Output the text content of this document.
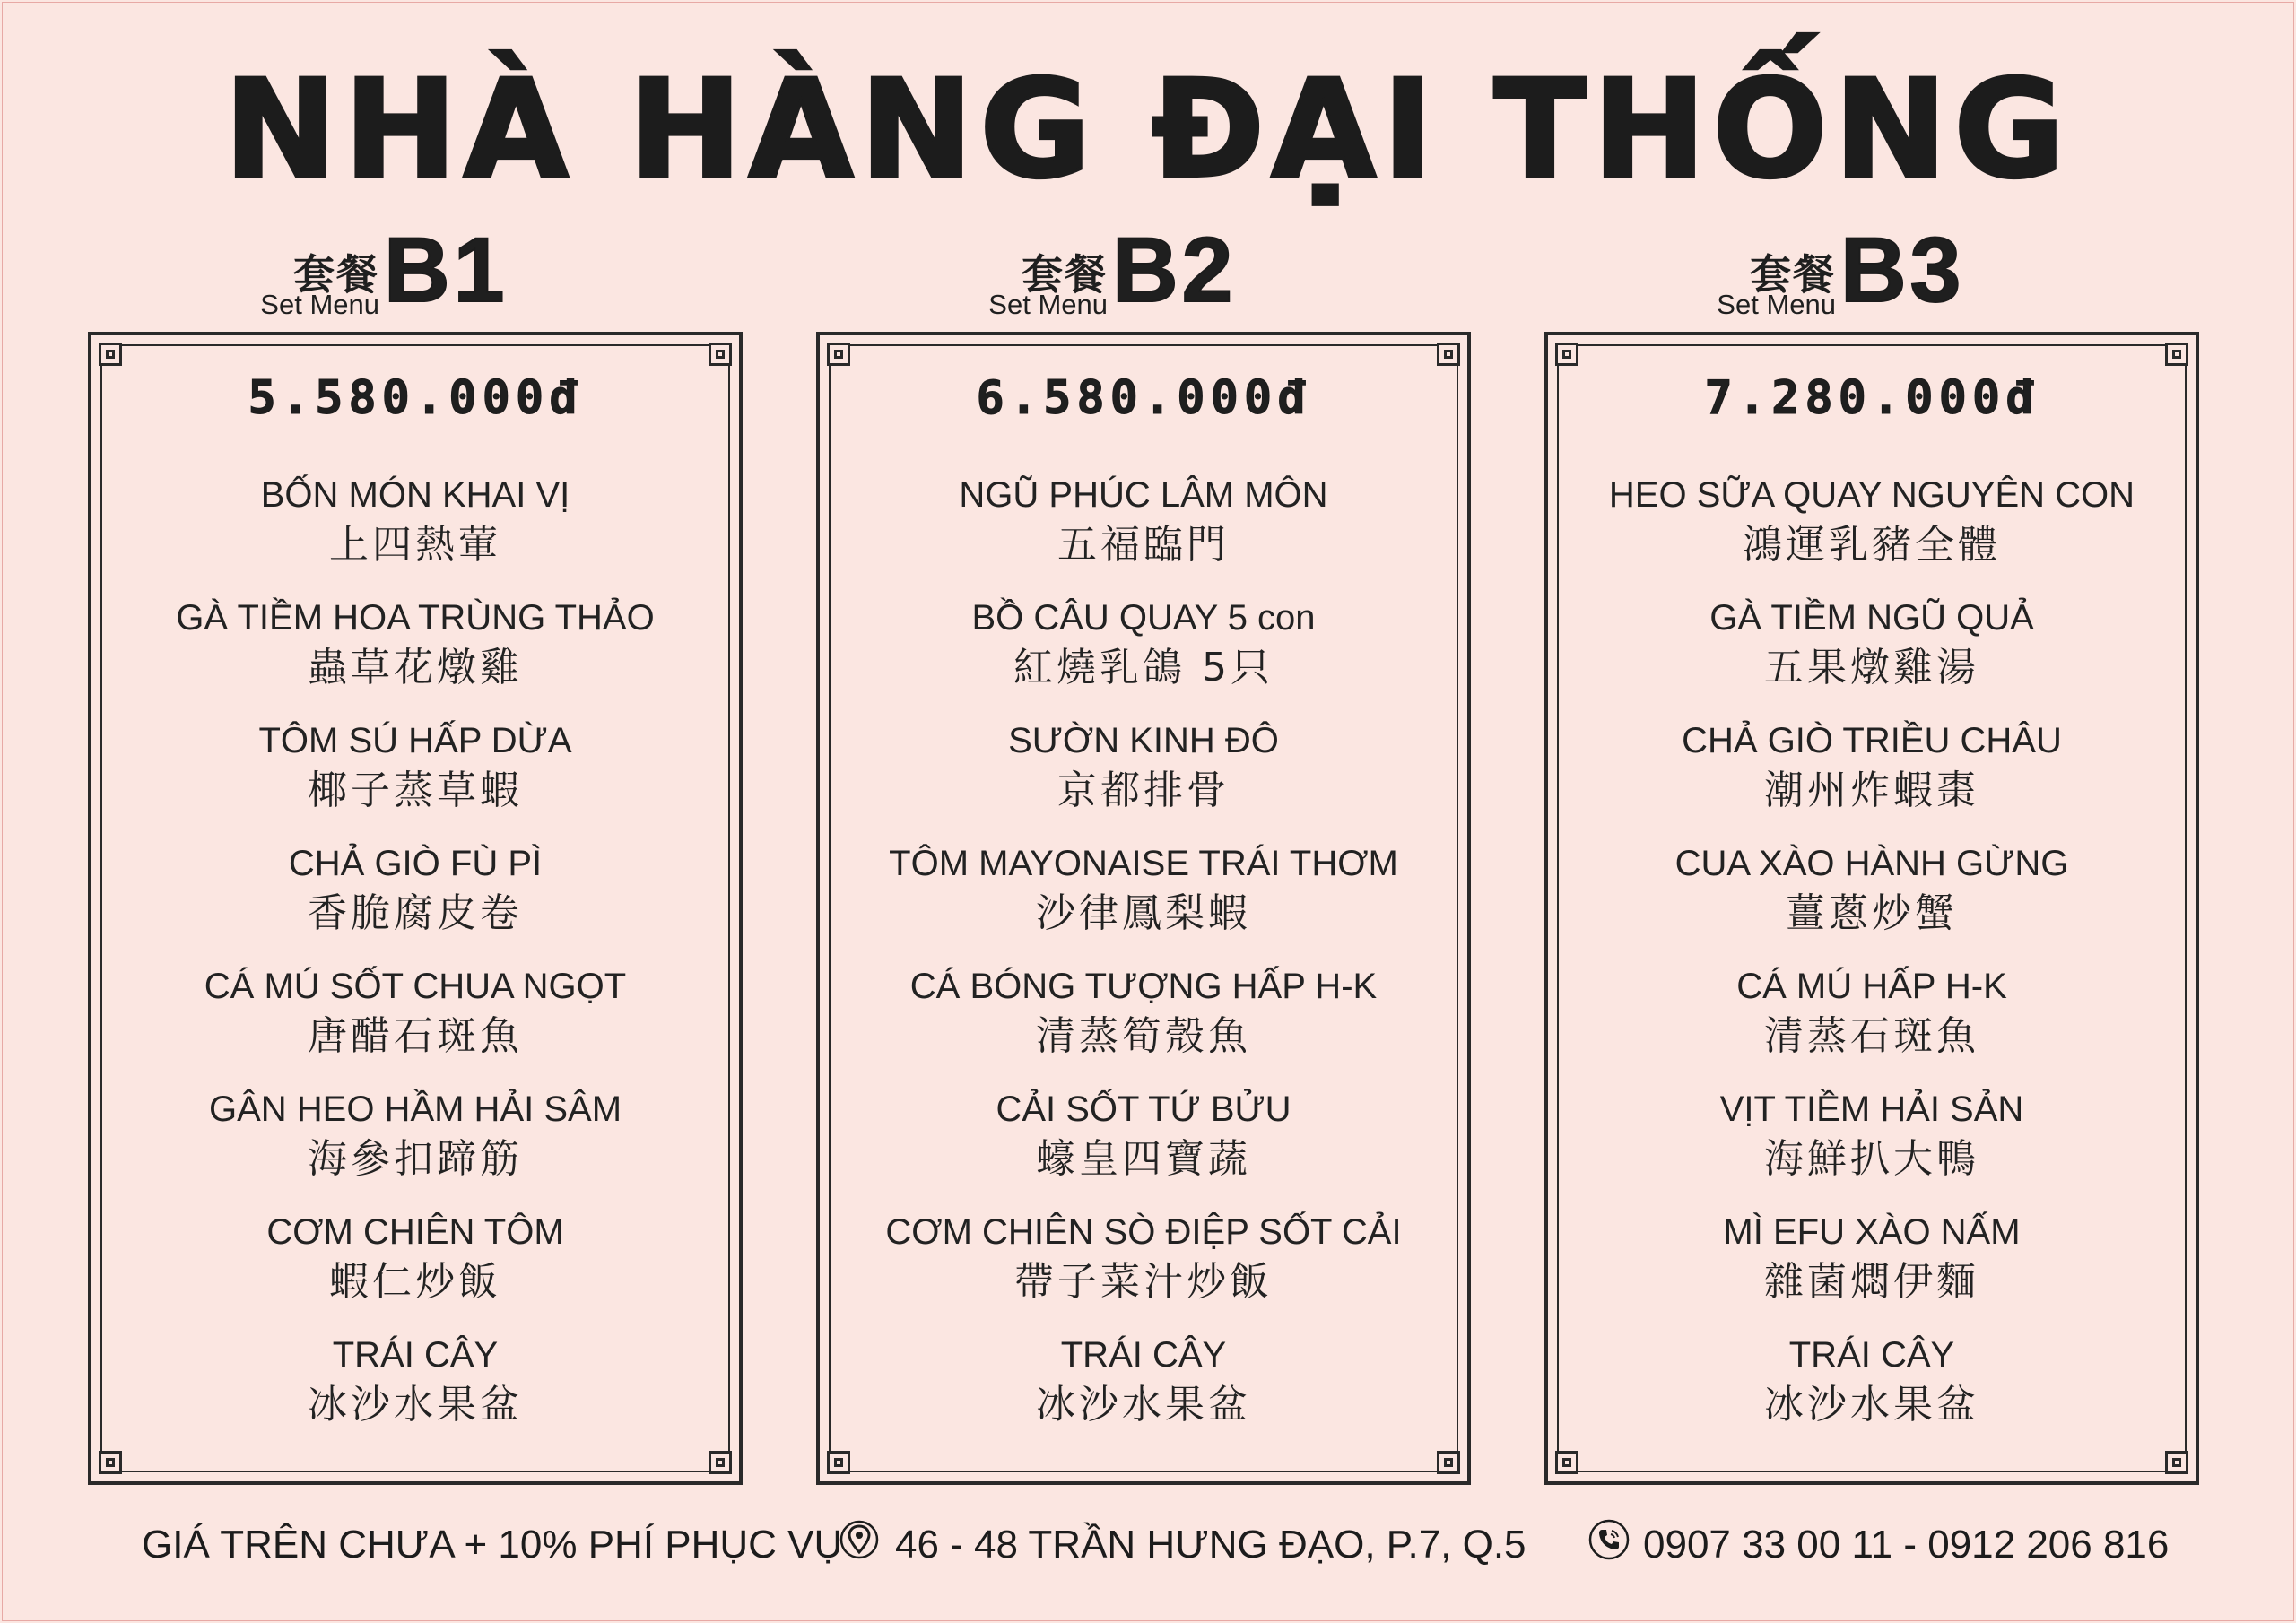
NHÀ HÀNG ĐẠI THỐNG
套餐
Set Menu B1
5.580.000đ
BỐN MÓN KHAI VỊ
上四熱葷
GÀ TIỀM HOA TRÙNG THẢO
蟲草花燉雞
TÔM SÚ HẤP DỪA
椰子蒸草蝦
CHẢ GIÒ FÙ PÌ
香脆腐皮卷
CÁ MÚ SỐT CHUA NGỌT
唐醋石斑魚
GÂN HEO HẦM HẢI SÂM
海參扣蹄筋
CƠM CHIÊN TÔM
蝦仁炒飯
TRÁI CÂY
冰沙水果盆
套餐
Set Menu B2
6.580.000đ
NGŨ PHÚC LÂM MÔN
五福臨門
BỒ CÂU QUAY 5 con
紅燒乳鴿 5只
SƯỜN KINH ĐÔ
京都排骨
TÔM MAYONAISE TRÁI THƠM
沙律鳳梨蝦
CÁ BÓNG TƯỢNG HẤP H-K
清蒸筍殼魚
CẢI SỐT TỨ BỬU
蠔皇四寶蔬
CƠM CHIÊN SÒ ĐIỆP SỐT CẢI
帶子菜汁炒飯
TRÁI CÂY
冰沙水果盆
套餐
Set Menu B3
7.280.000đ
HEO SỮA QUAY NGUYÊN CON
鴻運乳豬全體
GÀ TIỀM NGŨ QUẢ
五果燉雞湯
CHẢ GIÒ TRIỀU CHÂU
潮州炸蝦棗
CUA XÀO HÀNH GỪNG
薑蔥炒蟹
CÁ MÚ HẤP H-K
清蒸石斑魚
VỊT TIỀM HẢI SẢN
海鮮扒大鴨
MÌ EFU XÀO NẤM
雜菌燜伊麵
TRÁI CÂY
冰沙水果盆
GIÁ TRÊN CHƯA + 10% PHÍ PHỤC VỤ 46 - 48 TRẦN HƯNG ĐẠO, P.7, Q.5	0907 33 00 11 - 0912 206 816
